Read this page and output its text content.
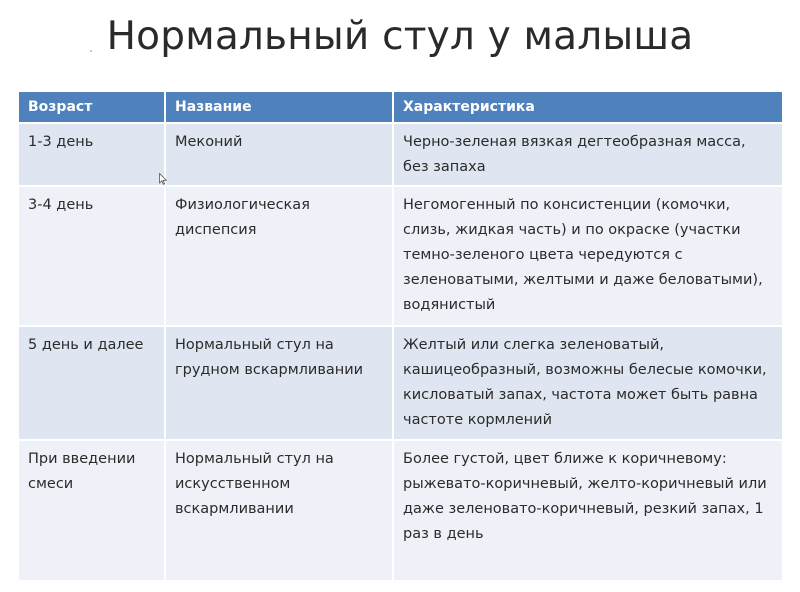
Нормальный стул у малыша
Возраст	Название	Характеристика
1-3 день	Меконий	Черно-зеленая вязкая дегтеобразная масса, без запаха
3-4 день	Физиологическая диспепсия	Негомогенный по консистенции (комочки, слизь, жидкая часть) и по окраске (участки темно-зеленого цвета чередуются с зеленоватыми, желтыми и даже беловатыми), водянистый
5 день и далее	Нормальный стул на грудном вскармливании	Желтый или слегка зеленоватый, кашицеобразный, возможны белесые комочки, кисловатый запах, частота может быть равна частоте кормлений
При введении смеси	Нормальный стул на искусственном вскармливании	Более густой, цвет ближе к коричневому: рыжевато-коричневый, желто-коричневый или даже зеленовато-коричневый, резкий запах, 1 раз в день
